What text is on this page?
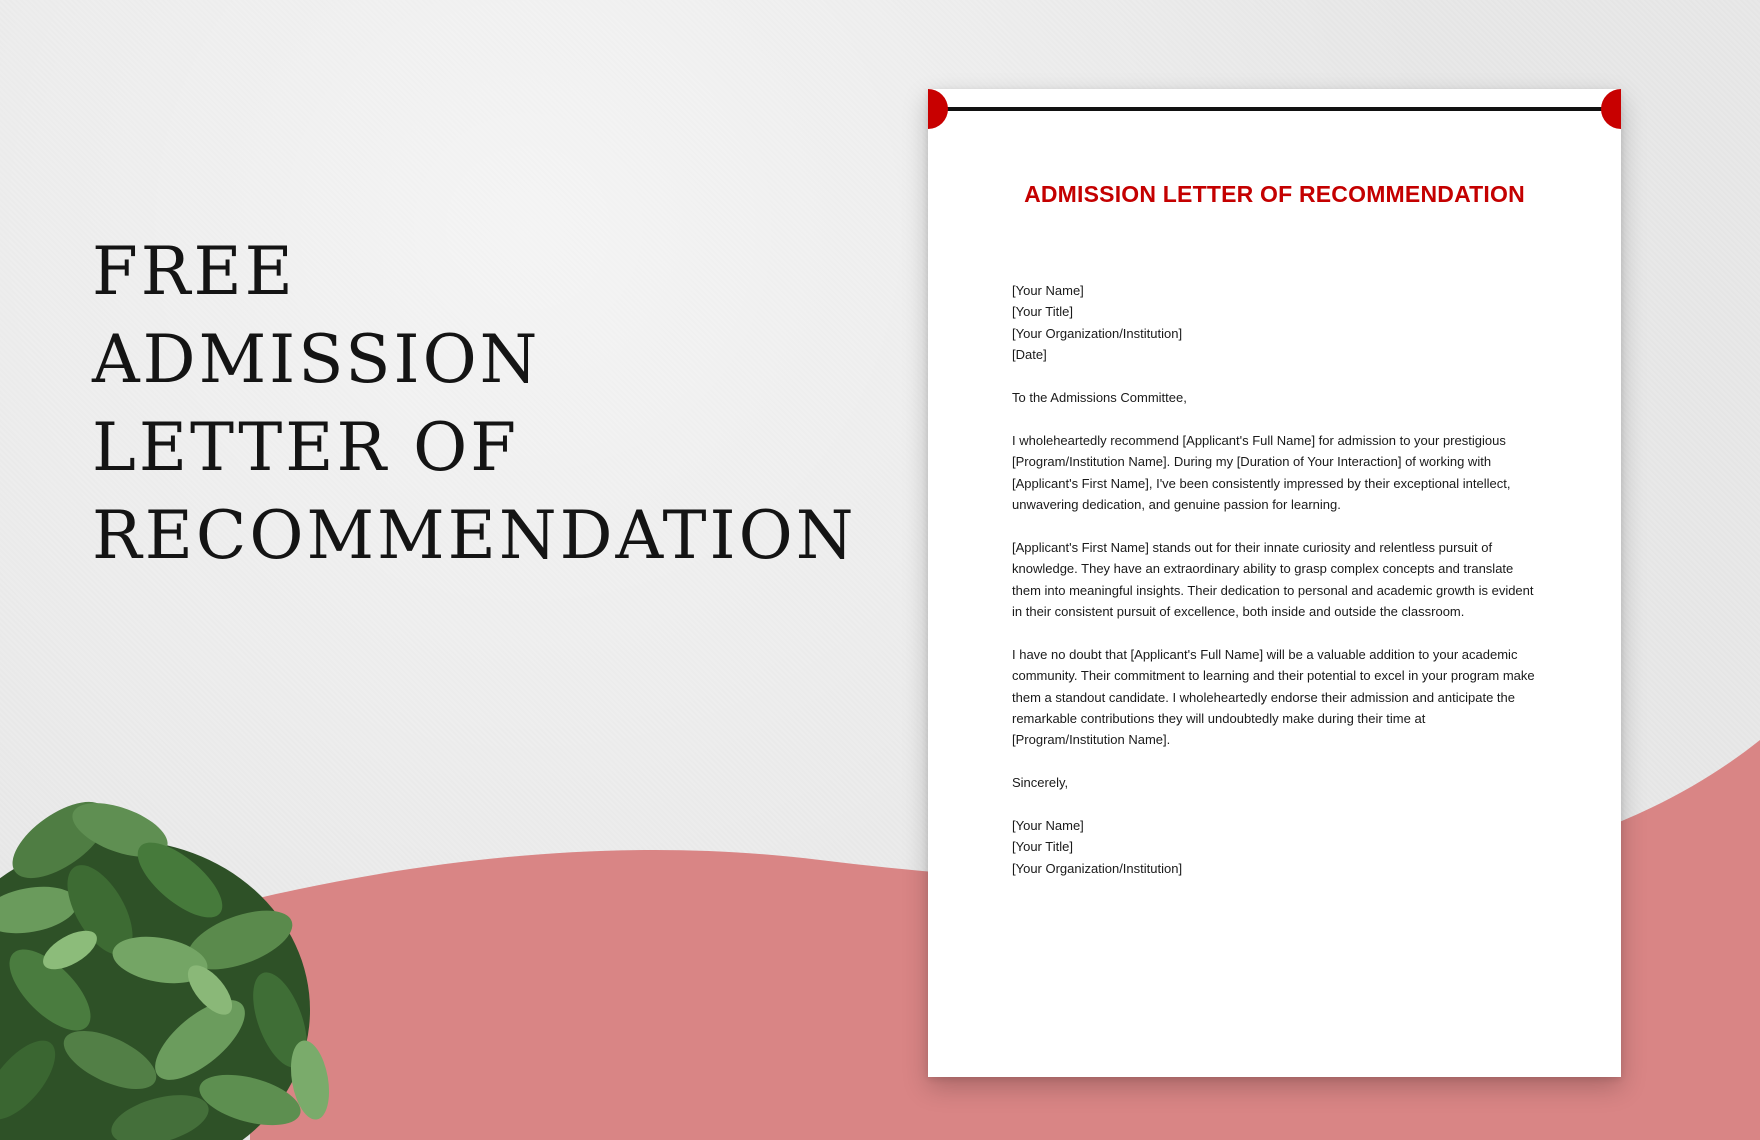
FREE
ADMISSION
LETTER OF
RECOMMENDATION
ADMISSION LETTER OF RECOMMENDATION

[Your Name]

[Your Title]

[Your Organization/Institution]

[Date]

To the Admissions Committee,

I wholeheartedly recommend [Applicant's Full Name] for admission to your prestigious

[Program/Institution Name]. During my [Duration of Your Interaction] of working with

[Applicant's First Name], I've been consistently impressed by their exceptional intellect,

unwavering dedication, and genuine passion for learning.

[Applicant's First Name] stands out for their innate curiosity and relentless pursuit of

knowledge. They have an extraordinary ability to grasp complex concepts and translate

them into meaningful insights. Their dedication to personal and academic growth is evident

in their consistent pursuit of excellence, both inside and outside the classroom.

I have no doubt that [Applicant's Full Name] will be a valuable addition to your academic

community. Their commitment to learning and their potential to excel in your program make

them a standout candidate. I wholeheartedly endorse their admission and anticipate the

remarkable contributions they will undoubtedly make during their time at

[Program/Institution Name].

Sincerely,

[Your Name]

[Your Title]

[Your Organization/Institution]
